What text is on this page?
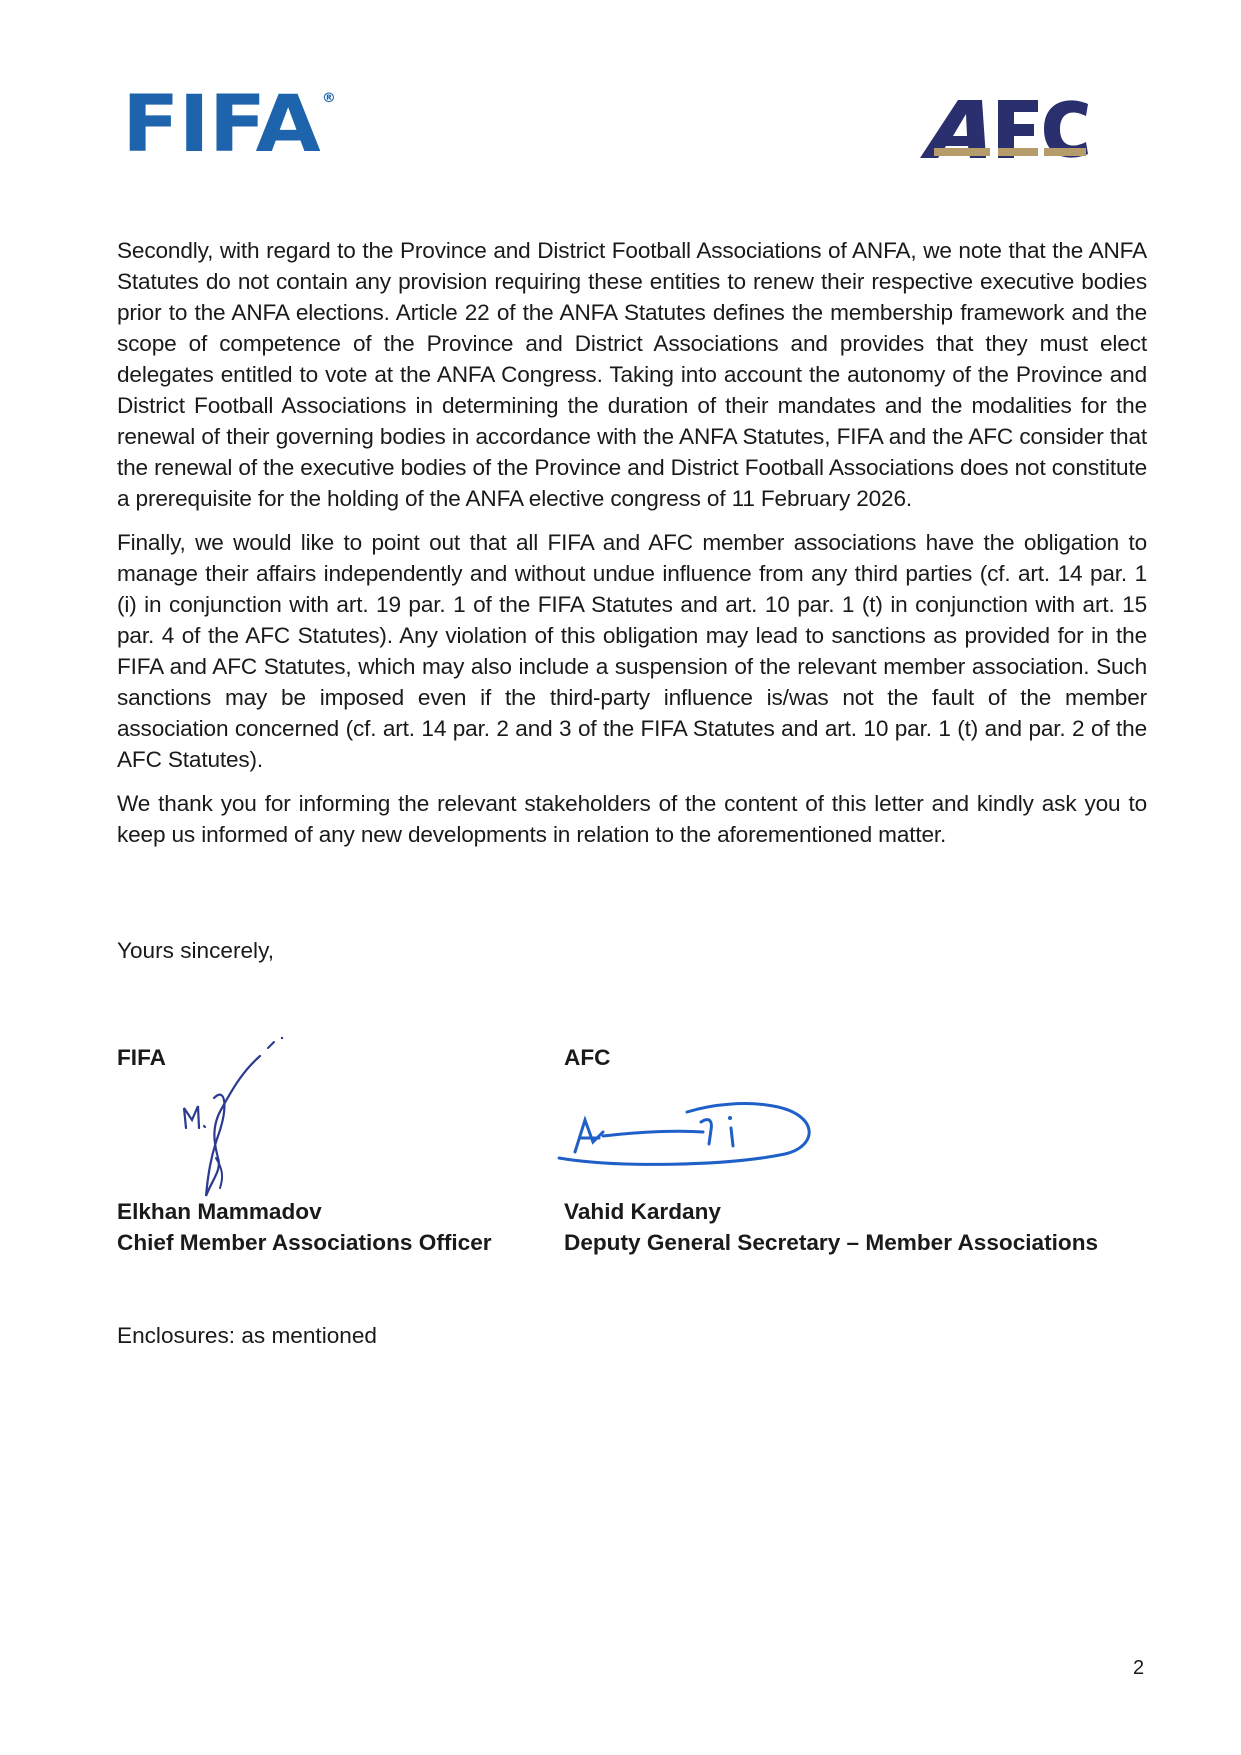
FIFA ®

Secondly, with regard to the Province and District Football Associations of ANFA, we note that the ANFA Statutes do not contain any provision requiring these entities to renew their respective executive bodies prior to the ANFA elections. Article 22 of the ANFA Statutes defines the membership framework and the scope of competence of the Province and District Associations and provides that they must elect delegates entitled to vote at the ANFA Congress. Taking into account the autonomy of the Province and District Football Associations in determining the duration of their mandates and the modalities for the renewal of their governing bodies in accordance with the ANFA Statutes, FIFA and the AFC consider that the renewal of the executive bodies of the Province and District Football Associations does not constitute a prerequisite for the holding of the ANFA elective congress of 11 February 2026.

Finally, we would like to point out that all FIFA and AFC member associations have the obligation to manage their affairs independently and without undue influence from any third parties (cf. art. 14 par. 1 (i) in conjunction with art. 19 par. 1 of the FIFA Statutes and art. 10 par. 1 (t) in conjunction with art. 15 par. 4 of the AFC Statutes). Any violation of this obligation may lead to sanctions as provided for in the FIFA and AFC Statutes, which may also include a suspension of the relevant member association. Such sanctions may be imposed even if the third-party influence is/was not the fault of the member association concerned (cf. art. 14 par. 2 and 3 of the FIFA Statutes and art. 10 par. 1 (t) and par. 2 of the AFC Statutes).

We thank you for informing the relevant stakeholders of the content of this letter and kindly ask you to keep us informed of any new developments in relation to the aforementioned matter.

Yours sincerely,
FIFA	AFC
Elkhan Mammadov
Chief Member Associations Officer
Vahid Kardany
Deputy General Secretary – Member Associations
Enclosures: as mentioned
2
